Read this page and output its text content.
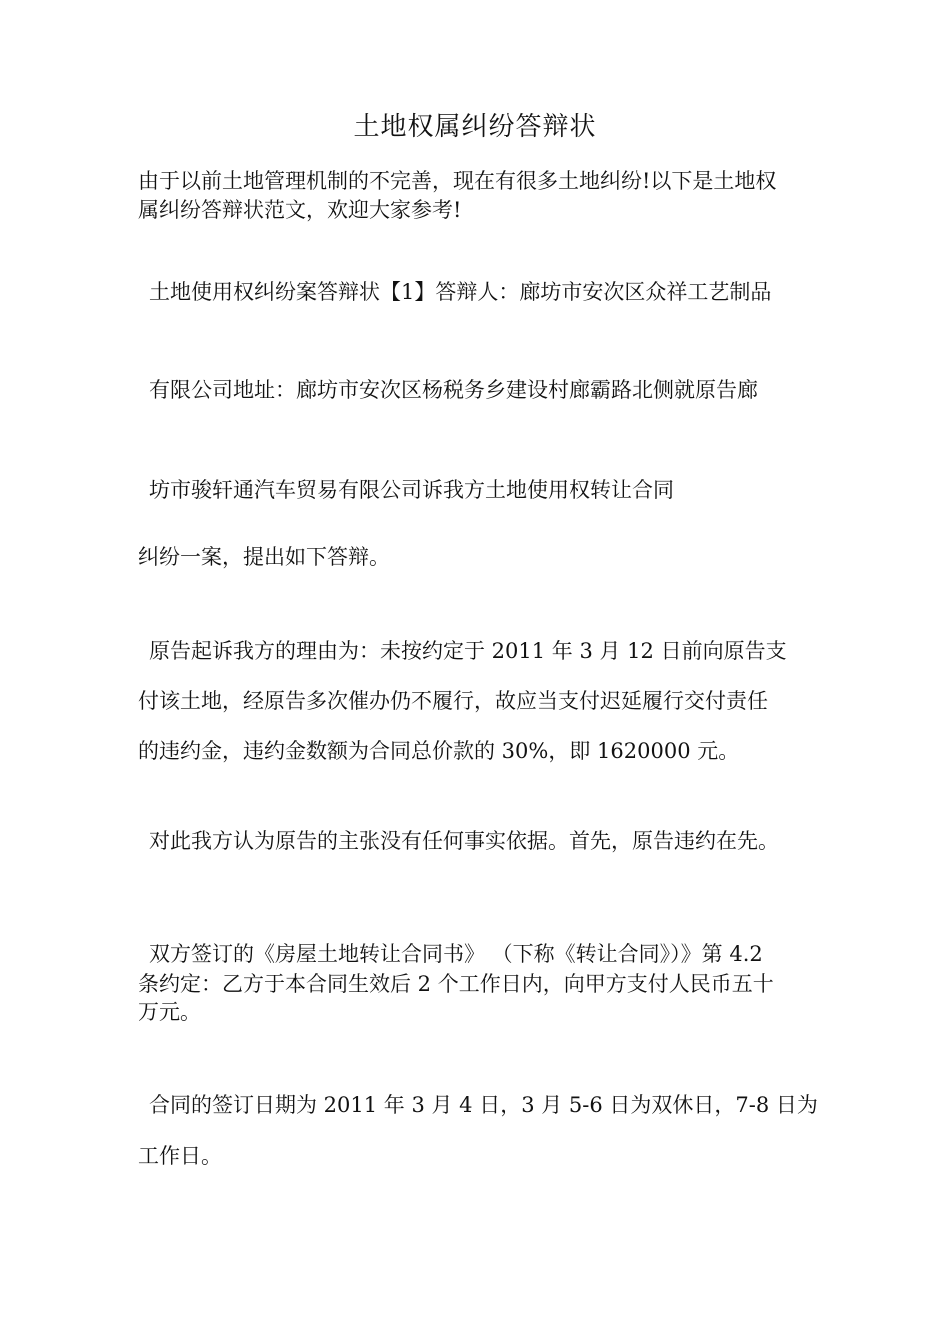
土地权属纠纷答辩状

由于以前土地管理机制的不完善，现在有很多土地纠纷!以下是土地权

属纠纷答辩状范文，欢迎大家参考!

土地使用权纠纷案答辩状【1】答辩人：廊坊市安次区众祥工艺制品

有限公司地址：廊坊市安次区杨税务乡建设村廊霸路北侧就原告廊

坊市骏轩通汽车贸易有限公司诉我方土地使用权转让合同

纠纷一案，提出如下答辩。

原告起诉我方的理由为：未按约定于 2011 年 3 月 12 日前向原告支

付该土地，经原告多次催办仍不履行，故应当支付迟延履行交付责任

的违约金，违约金数额为合同总价款的 30%，即 1620000 元。

对此我方认为原告的主张没有任何事实依据。首先，原告违约在先。

双方签订的《房屋土地转让合同书》 （下称《转让合同》）》第 4.2

条约定：乙方于本合同生效后 2 个工作日内，向甲方支付人民币五十

万元。

合同的签订日期为 2011 年 3 月 4 日，3 月 5-6 日为双休日，7-8 日为

工作日。
